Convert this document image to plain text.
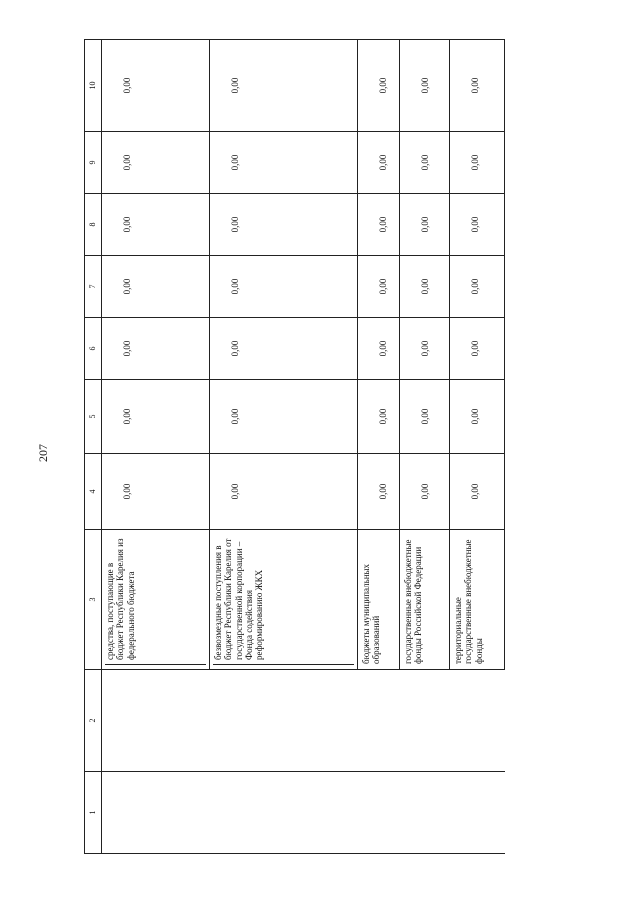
207
1	2	3	4	5	6	7	8	9	10

		средства, поступающие в бюджет Республики Карелия из федерального бюджета	0,00	0,00	0,00	0,00	0,00	0,00	0,00

		безвозмездные поступления в бюджет Республики Карелия от государственной корпорации – Фонда содействия реформированию ЖКХ	0,00	0,00	0,00	0,00	0,00	0,00	0,00
		бюджеты муниципальных образований	0,00	0,00	0,00	0,00	0,00	0,00	0,00
		государственные внебюджетные фонды Российской Федерации	0,00	0,00	0,00	0,00	0,00	0,00	0,00
		территориальные государственные внебюджетные фонды	0,00	0,00	0,00	0,00	0,00	0,00	0,00
